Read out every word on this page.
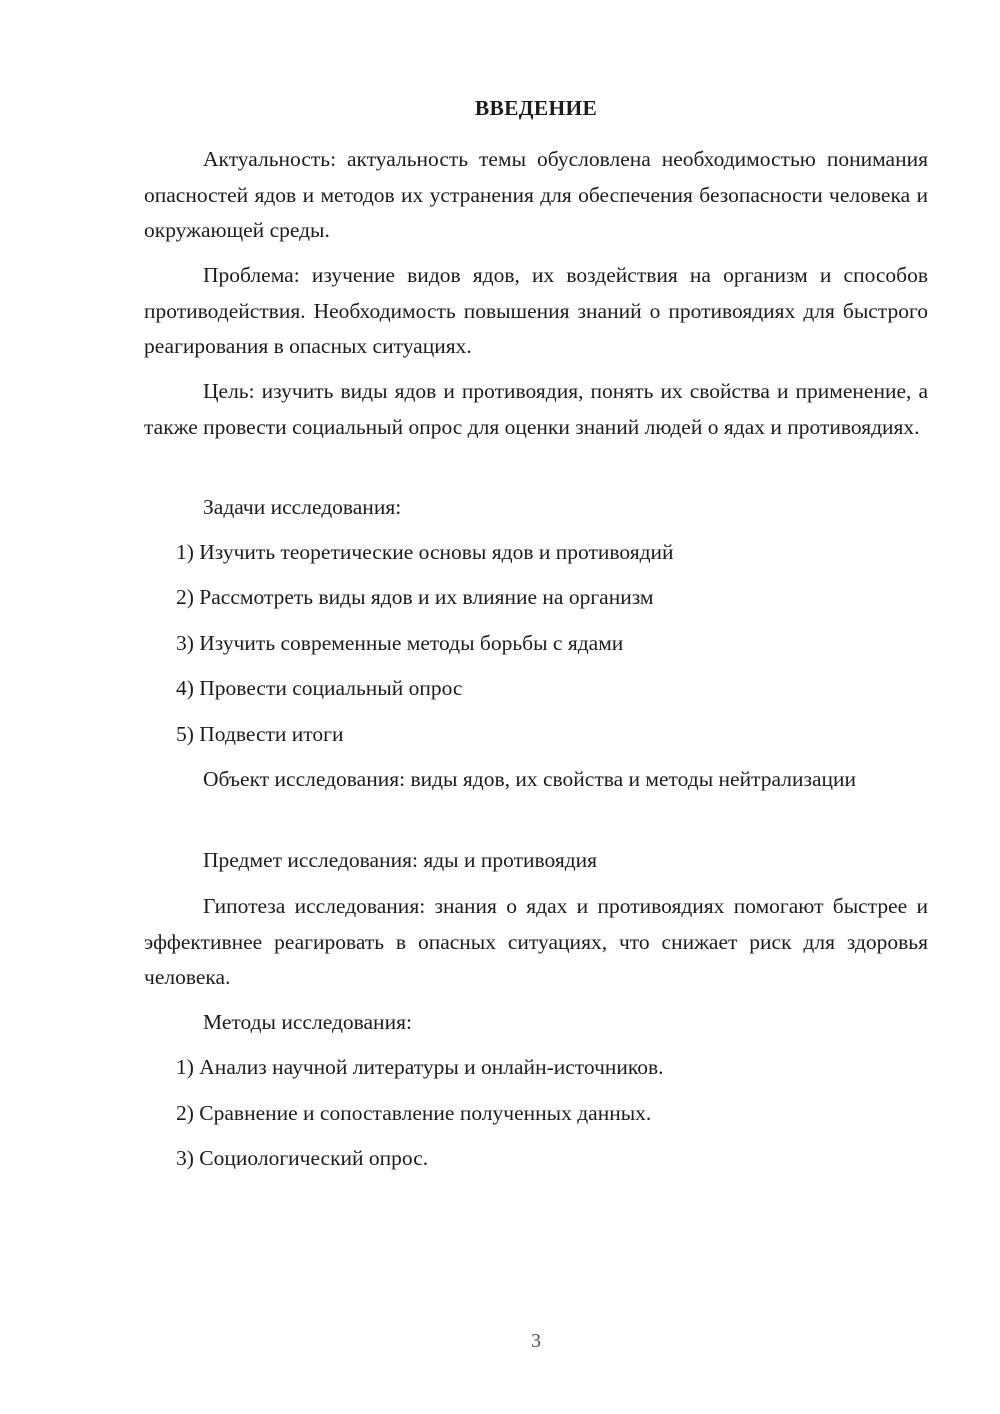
ВВЕДЕНИЕ

Актуальность: актуальность темы обусловлена необходимостью понимания опасностей ядов и методов их устранения для обеспечения безопасности человека и окружающей среды.

Проблема: изучение видов ядов, их воздействия на организм и способов противодействия. Необходимость повышения знаний о противоядиях для быстрого реагирования в опасных ситуациях.

Цель: изучить виды ядов и противоядия, понять их свойства и применение, а также провести социальный опрос для оценки знаний людей о ядах и противоядиях.

Задачи исследования:

1) Изучить теоретические основы ядов и противоядий

2) Рассмотреть виды ядов и их влияние на организм

3) Изучить современные методы борьбы с ядами

4) Провести социальный опрос

5) Подвести итоги

Объект исследования: виды ядов, их свойства и методы нейтрализации

Предмет исследования: яды и противоядия

Гипотеза исследования: знания о ядах и противоядиях помогают быстрее и эффективнее реагировать в опасных ситуациях, что снижает риск для здоровья человека.

Методы исследования:

1) Анализ научной литературы и онлайн-источников.

2) Сравнение и сопоставление полученных данных.

3) Социологический опрос.

3
